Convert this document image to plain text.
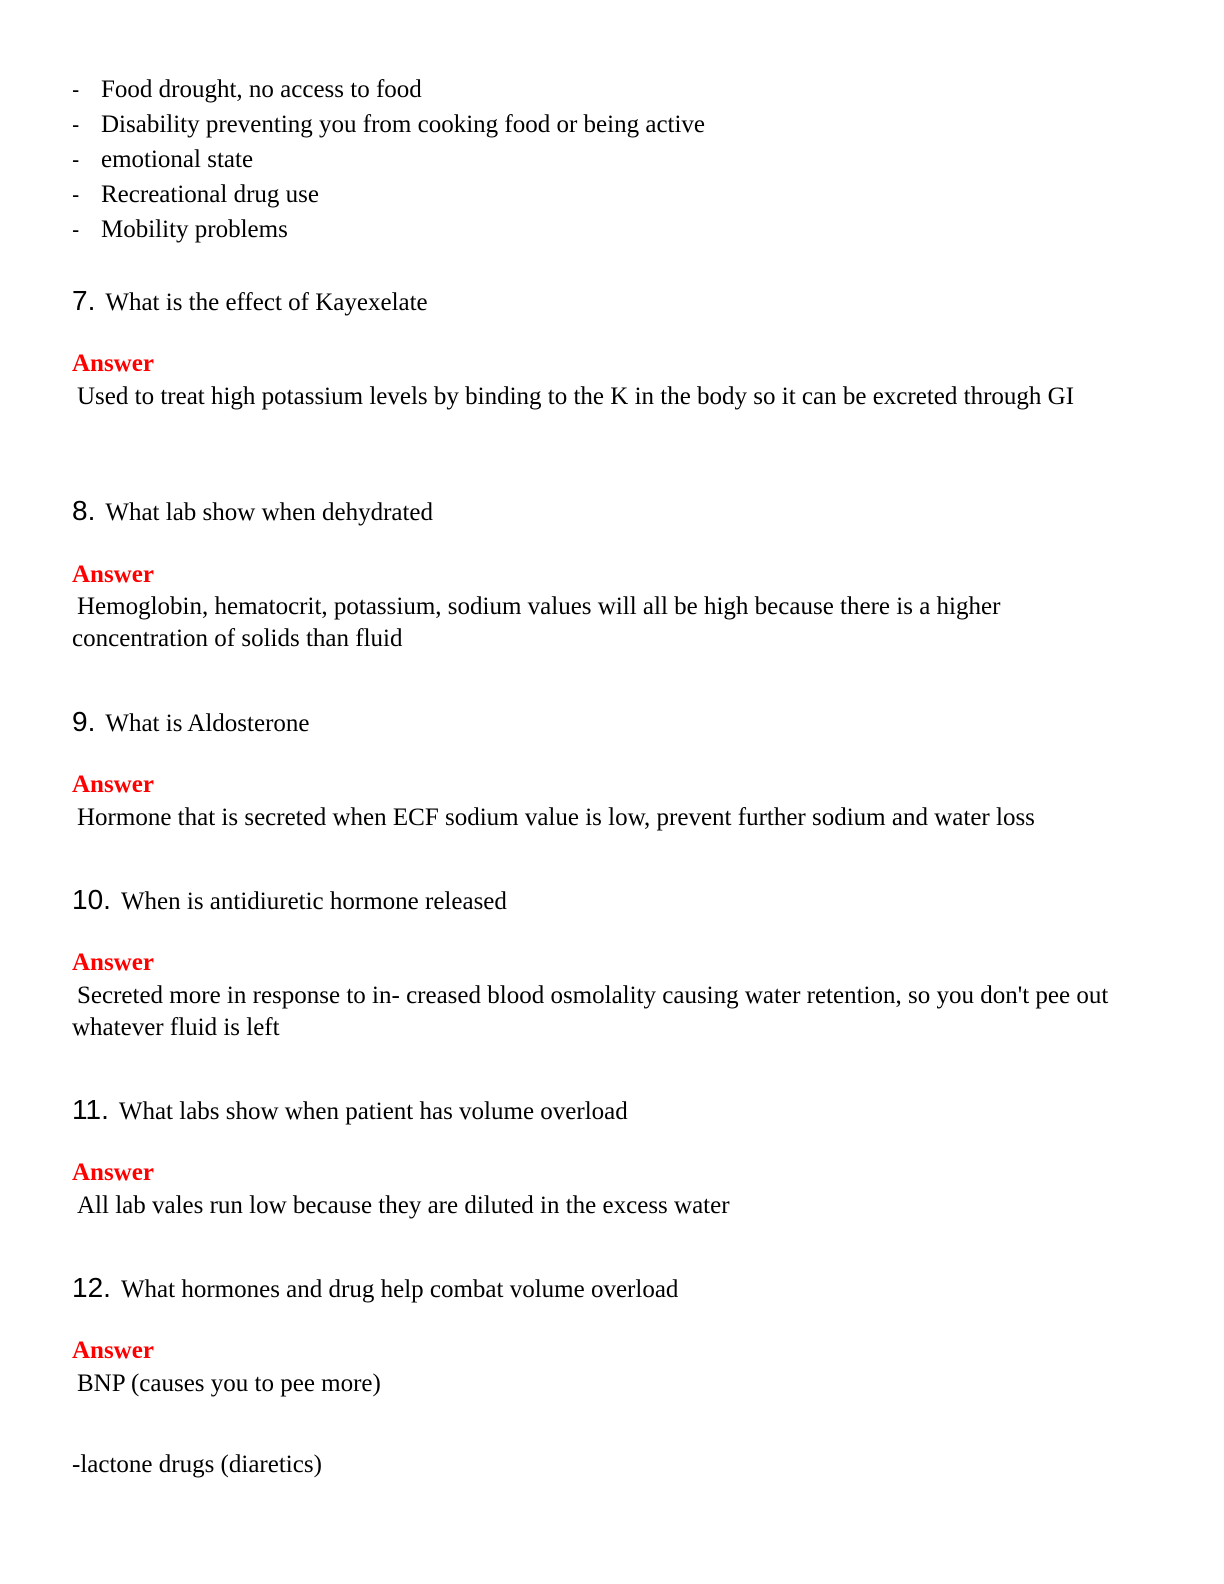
- Food drought, no access to food
- Disability preventing you from cooking food or being active
- emotional state
- Recreational drug use
- Mobility problems
7. What is the effect of Kayexelate
Answer
Used to treat high potassium levels by binding to the K in the body so it can be excreted through GI
8. What lab show when dehydrated
Answer
Hemoglobin, hematocrit, potassium, sodium values will all be high because there is a higher concentration of solids than fluid
9. What is Aldosterone
Answer
Hormone that is secreted when ECF sodium value is low, prevent further sodium and water loss
10. When is antidiuretic hormone released
Answer
Secreted more in response to in- creased blood osmolality causing water retention, so you don't pee out whatever fluid is left
11. What labs show when patient has volume overload
Answer
All lab vales run low because they are diluted in the excess water
12. What hormones and drug help combat volume overload
Answer
BNP (causes you to pee more)
-lactone drugs (diaretics)
